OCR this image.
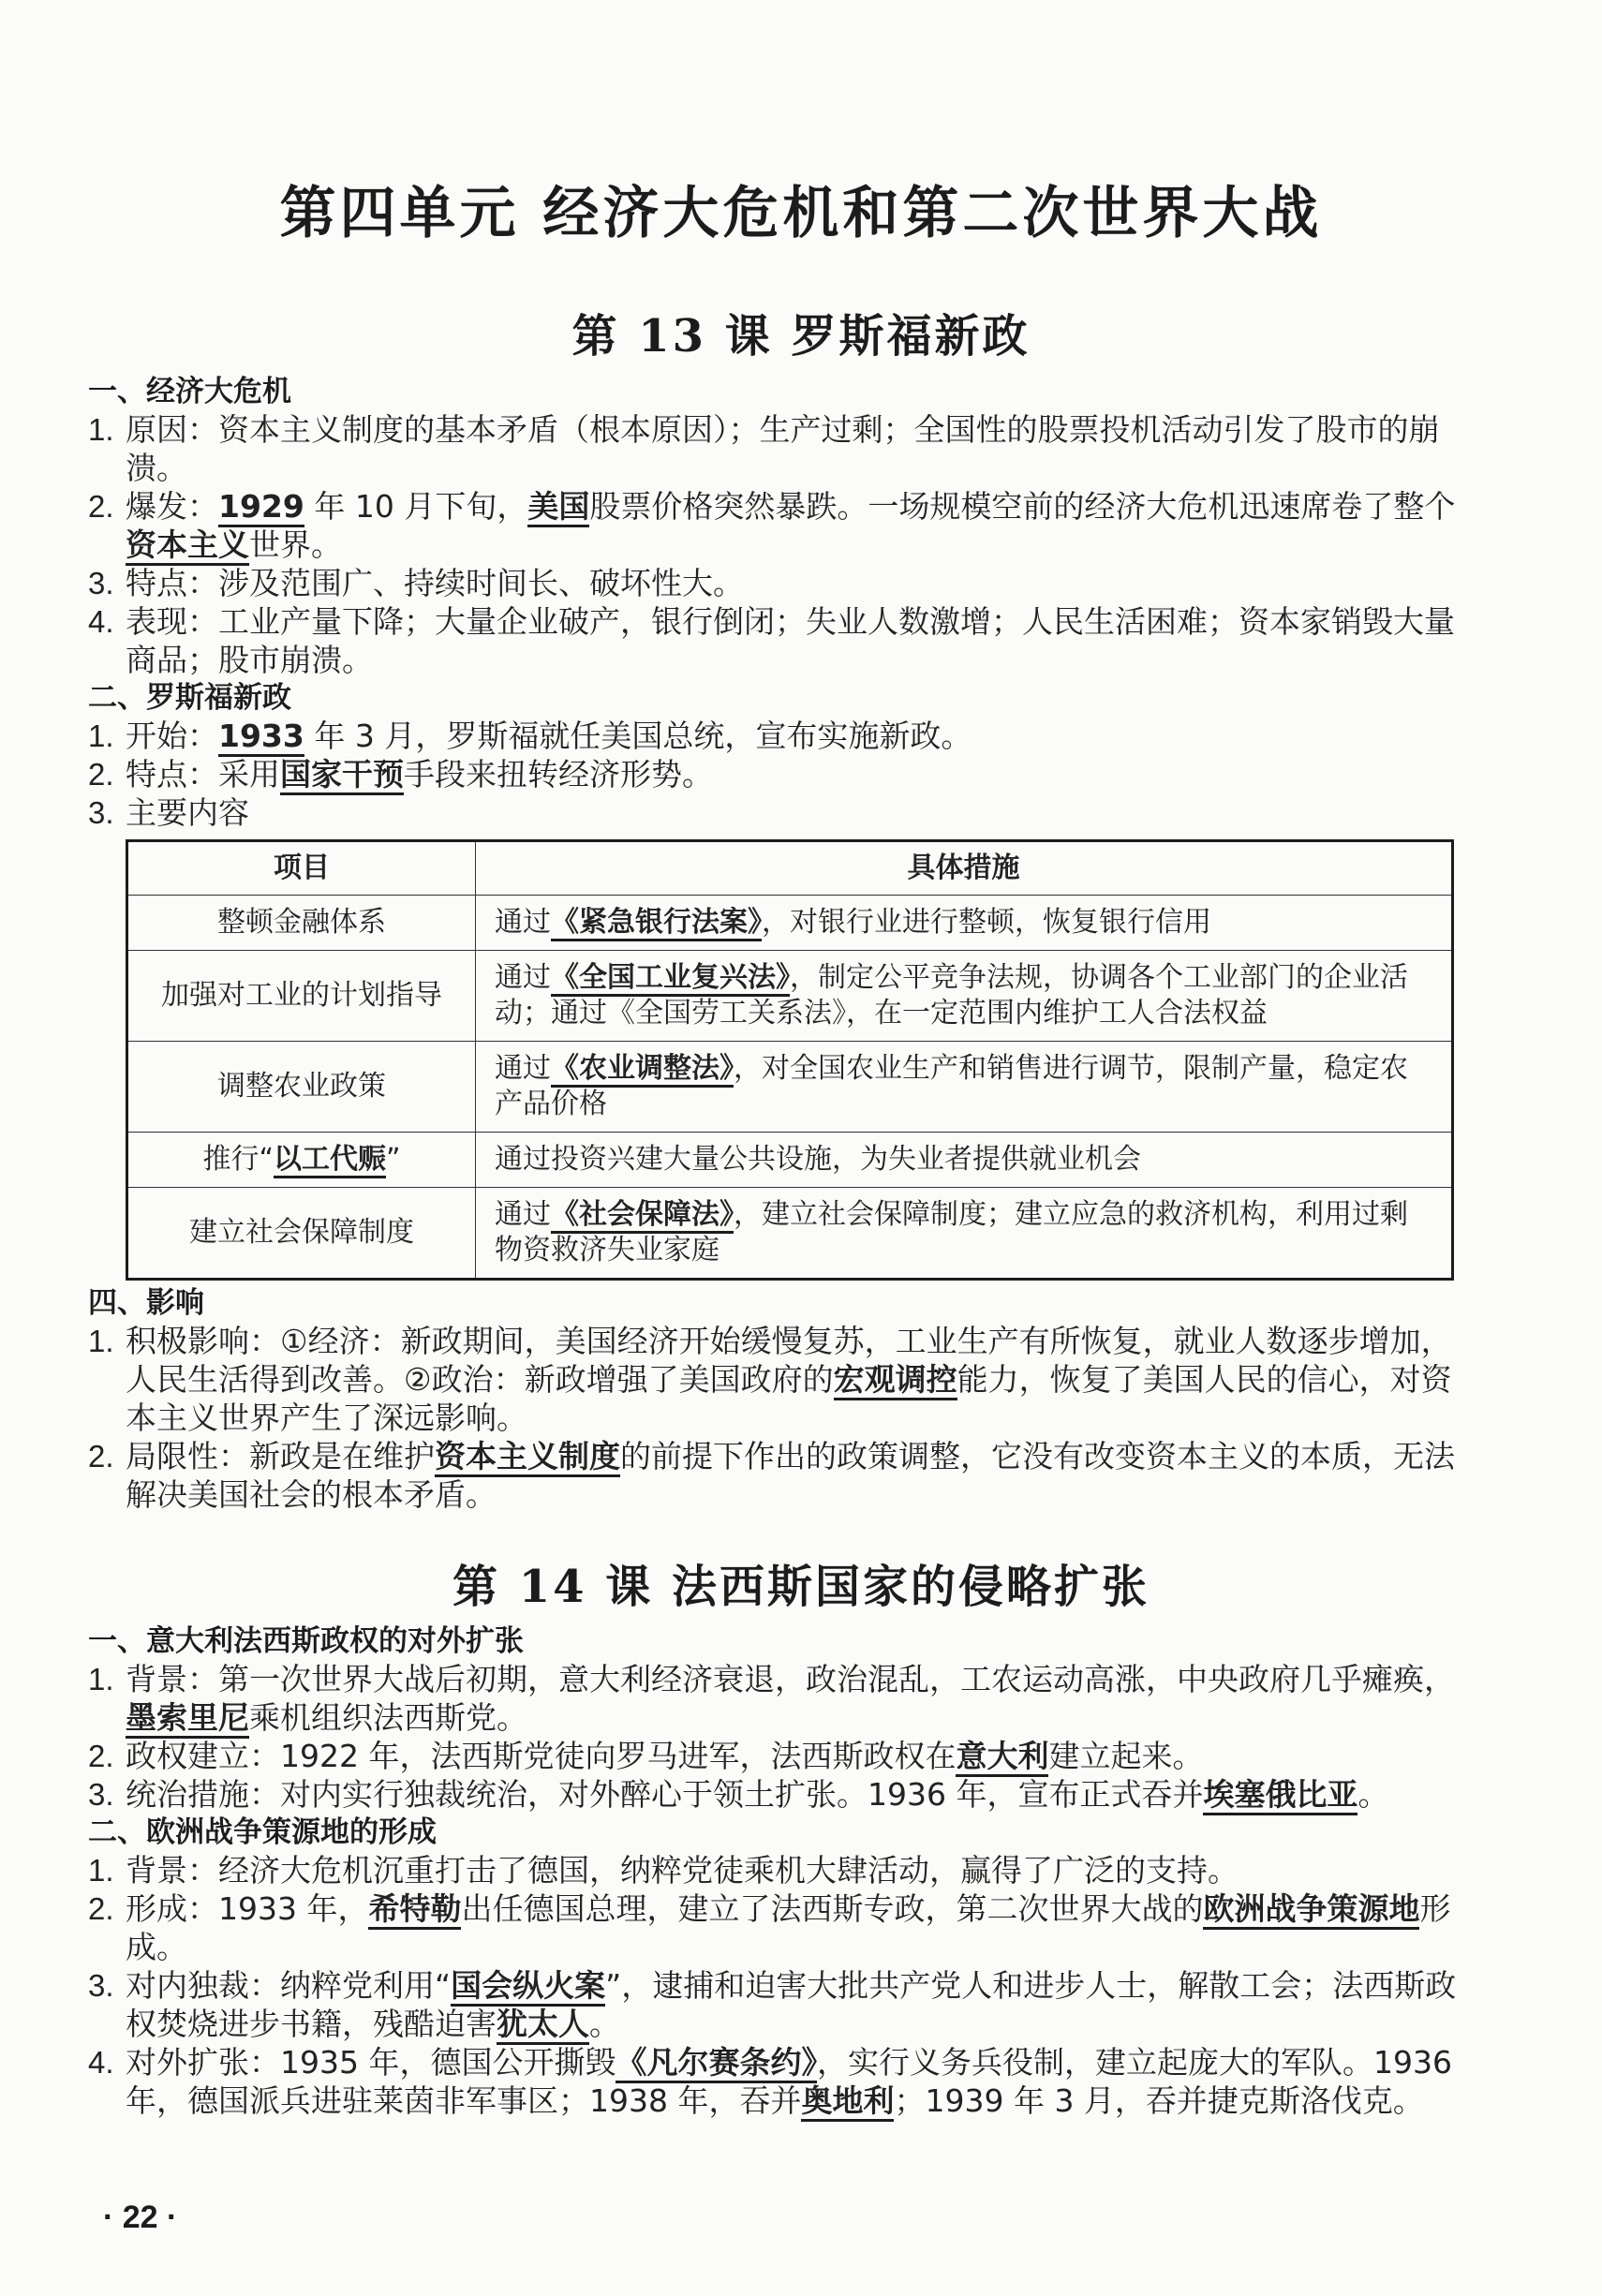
第四单元 经济大危机和第二次世界大战
第 13 课 罗斯福新政

一、经济大危机

1. 原因：资本主义制度的基本矛盾（根本原因）；生产过剩；全国性的股票投机活动引发了股市的崩溃。

2. 爆发：1929 年 10 月下旬，美国股票价格突然暴跌。一场规模空前的经济大危机迅速席卷了整个资本主义世界。

3. 特点：涉及范围广、持续时间长、破坏性大。

4. 表现：工业产量下降；大量企业破产，银行倒闭；失业人数激增；人民生活困难；资本家销毁大量商品；股市崩溃。

二、罗斯福新政

1. 开始：1933 年 3 月，罗斯福就任美国总统，宣布实施新政。

2. 特点：采用国家干预手段来扭转经济形势。

3. 主要内容

项目	具体措施
整顿金融体系	通过《紧急银行法案》，对银行业进行整顿，恢复银行信用
加强对工业的计划指导	通过《全国工业复兴法》，制定公平竞争法规，协调各个工业部门的企业活动；通过《全国劳工关系法》，在一定范围内维护工人合法权益
调整农业政策	通过《农业调整法》，对全国农业生产和销售进行调节，限制产量，稳定农产品价格
推行“以工代赈”	通过投资兴建大量公共设施，为失业者提供就业机会
建立社会保障制度	通过《社会保障法》，建立社会保障制度；建立应急的救济机构，利用过剩物资救济失业家庭

四、影响

1. 积极影响：①经济：新政期间，美国经济开始缓慢复苏，工业生产有所恢复，就业人数逐步增加，人民生活得到改善。②政治：新政增强了美国政府的宏观调控能力，恢复了美国人民的信心，对资本主义世界产生了深远影响。

2. 局限性：新政是在维护资本主义制度的前提下作出的政策调整，它没有改变资本主义的本质，无法解决美国社会的根本矛盾。

第 14 课 法西斯国家的侵略扩张

一、意大利法西斯政权的对外扩张

1. 背景：第一次世界大战后初期，意大利经济衰退，政治混乱，工农运动高涨，中央政府几乎瘫痪，墨索里尼乘机组织法西斯党。

2. 政权建立：1922 年，法西斯党徒向罗马进军，法西斯政权在意大利建立起来。

3. 统治措施：对内实行独裁统治，对外醉心于领土扩张。1936 年，宣布正式吞并埃塞俄比亚。

二、欧洲战争策源地的形成

1. 背景：经济大危机沉重打击了德国，纳粹党徒乘机大肆活动，赢得了广泛的支持。

2. 形成：1933 年，希特勒出任德国总理，建立了法西斯专政，第二次世界大战的欧洲战争策源地形成。

3. 对内独裁：纳粹党利用“国会纵火案”，逮捕和迫害大批共产党人和进步人士，解散工会；法西斯政权焚烧进步书籍，残酷迫害犹太人。

4. 对外扩张：1935 年，德国公开撕毁《凡尔赛条约》，实行义务兵役制，建立起庞大的军队。1936 年，德国派兵进驻莱茵非军事区；1938 年，吞并奥地利；1939 年 3 月，吞并捷克斯洛伐克。

· 22 ·
